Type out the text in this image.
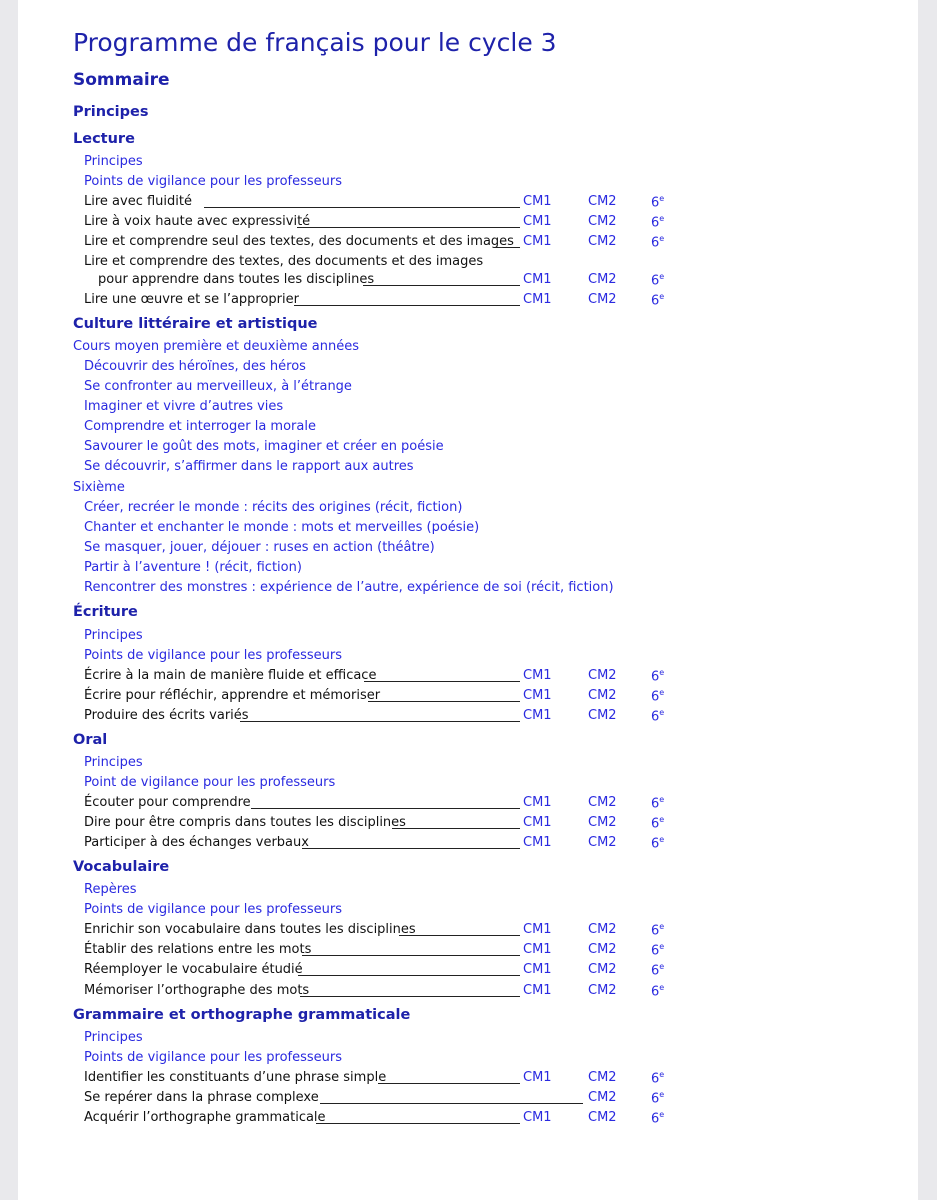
Programme de français pour le cycle 3
Sommaire
Principes
Lecture
Principes
Points de vigilance pour les professeurs
Lire avec fluidité	CM1	CM2	6e
Lire à voix haute avec expressivité	CM1	CM2	6e
Lire et comprendre seul des textes, des documents et des images CM1	CM2	6e
Lire et comprendre des textes, des documents et des images
pour apprendre dans toutes les disciplines	CM1	CM2	6e
Lire une œuvre et se l’approprier	CM1	CM2	6e
Culture littéraire et artistique
Cours moyen première et deuxième années
Découvrir des héroïnes, des héros
Se confronter au merveilleux, à l’étrange
Imaginer et vivre d’autres vies
Comprendre et interroger la morale
Savourer le goût des mots, imaginer et créer en poésie
Se découvrir, s’affirmer dans le rapport aux autres
Sixième
Créer, recréer le monde : récits des origines (récit, fiction)
Chanter et enchanter le monde : mots et merveilles (poésie)
Se masquer, jouer, déjouer : ruses en action (théâtre)
Partir à l’aventure ! (récit, fiction)
Rencontrer des monstres : expérience de l’autre, expérience de soi (récit, fiction)
Écriture
Principes
Points de vigilance pour les professeurs
Écrire à la main de manière fluide et efficace	CM1	CM2	6e
Écrire pour réfléchir, apprendre et mémoriser	CM1	CM2	6e
Produire des écrits variés	CM1	CM2	6e
Oral
Principes
Point de vigilance pour les professeurs
Écouter pour comprendre	CM1	CM2	6e
Dire pour être compris dans toutes les disciplines	CM1	CM2	6e
Participer à des échanges verbaux	CM1	CM2	6e
Vocabulaire
Repères
Points de vigilance pour les professeurs
Enrichir son vocabulaire dans toutes les disciplines	CM1	CM2	6e
Établir des relations entre les mots	CM1	CM2	6e
Réemployer le vocabulaire étudié	CM1	CM2	6e
Mémoriser l’orthographe des mots	CM1	CM2	6e
Grammaire et orthographe grammaticale
Principes
Points de vigilance pour les professeurs
Identifier les constituants d’une phrase simple	CM1	CM2	6e
Se repérer dans la phrase complexe	CM2	6e
Acquérir l’orthographe grammaticale	CM1	CM2	6e
